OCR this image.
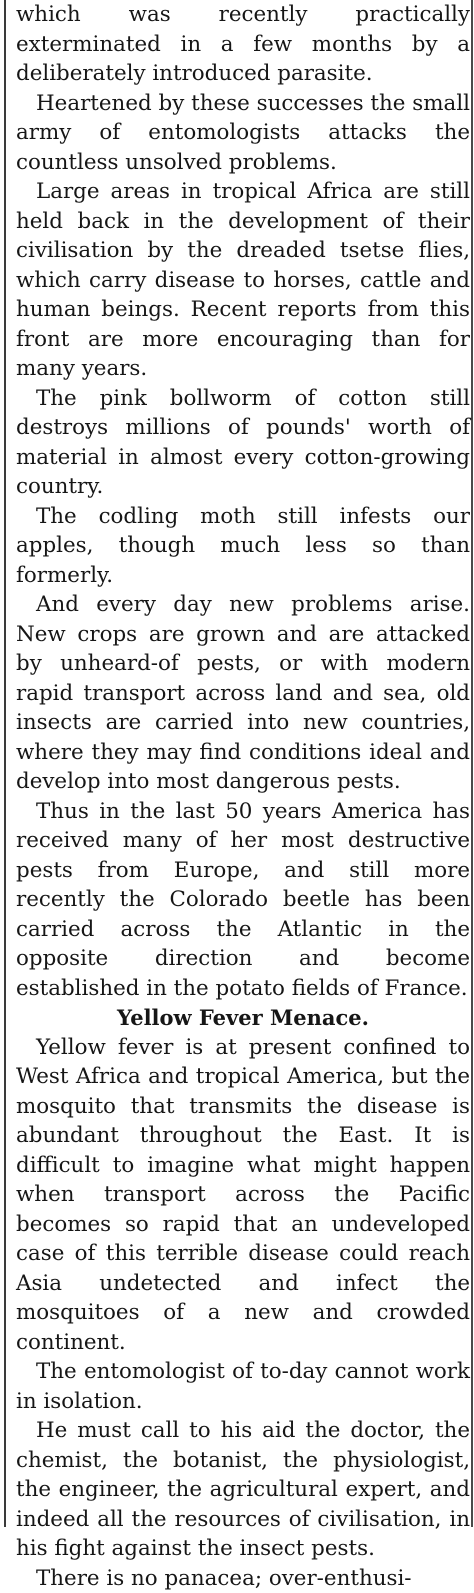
which was recently practically exterminated in a few months by a deliberately introduced parasite.

Heartened by these successes the small army of entomologists attacks the countless unsolved problems.

Large areas in tropical Africa are still held back in the development of their civilisation by the dreaded tsetse flies, which carry disease to horses, cattle and human beings. Recent reports from this front are more encouraging than for many years.

The pink bollworm of cotton still destroys millions of pounds' worth of material in almost every cotton-growing country.

The codling moth still infests our apples, though much less so than formerly.

And every day new problems arise. New crops are grown and are attacked by unheard-of pests, or with modern rapid transport across land and sea, old insects are carried into new countries, where they may find conditions ideal and develop into most dangerous pests.

Thus in the last 50 years America has received many of her most destructive pests from Europe, and still more recently the Colorado beetle has been carried across the Atlantic in the opposite direction and become established in the potato fields of France.

Yellow Fever Menace.

Yellow fever is at present confined to West Africa and tropical America, but the mosquito that transmits the disease is abundant throughout the East. It is difficult to imagine what might happen when transport across the Pacific becomes so rapid that an undeveloped case of this terrible disease could reach Asia undetected and infect the mosquitoes of a new and crowded continent.

The entomologist of to-day cannot work in isolation.

He must call to his aid the doctor, the chemist, the botanist, the physiologist, the engineer, the agricultural expert, and indeed all the resources of civilisation, in his fight against the insect pests.

There is no panacea; over-enthusi-
